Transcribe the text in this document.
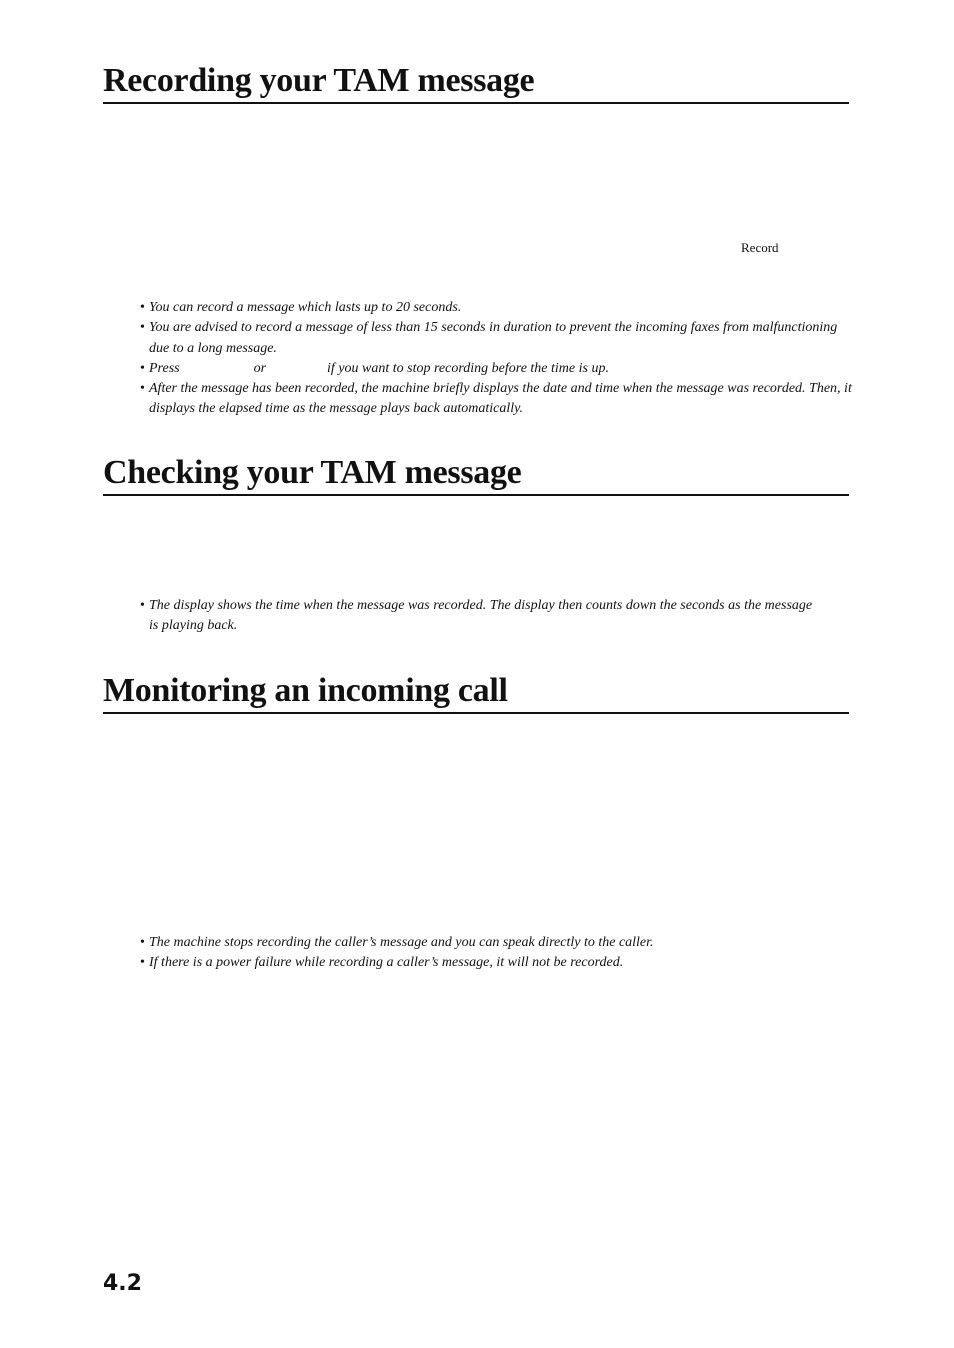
Recording your TAM message
Record
• You can record a message which lasts up to 20 seconds.
• You are advised to record a message of less than 15 seconds in duration to prevent the incoming faxes from malfunctioning due to a long message.
• Press	or	if you want to stop recording before the time is up.
• After the message has been recorded, the machine briefly displays the date and time when the message was recorded. Then, it displays the elapsed time as the message plays back automatically.
Checking your TAM message
• The display shows the time when the message was recorded. The display then counts down the seconds as the message is playing back.
Monitoring an incoming call
• The machine stops recording the caller’s message and you can speak directly to the caller.
• If there is a power failure while recording a caller’s message, it will not be recorded.
4.2
